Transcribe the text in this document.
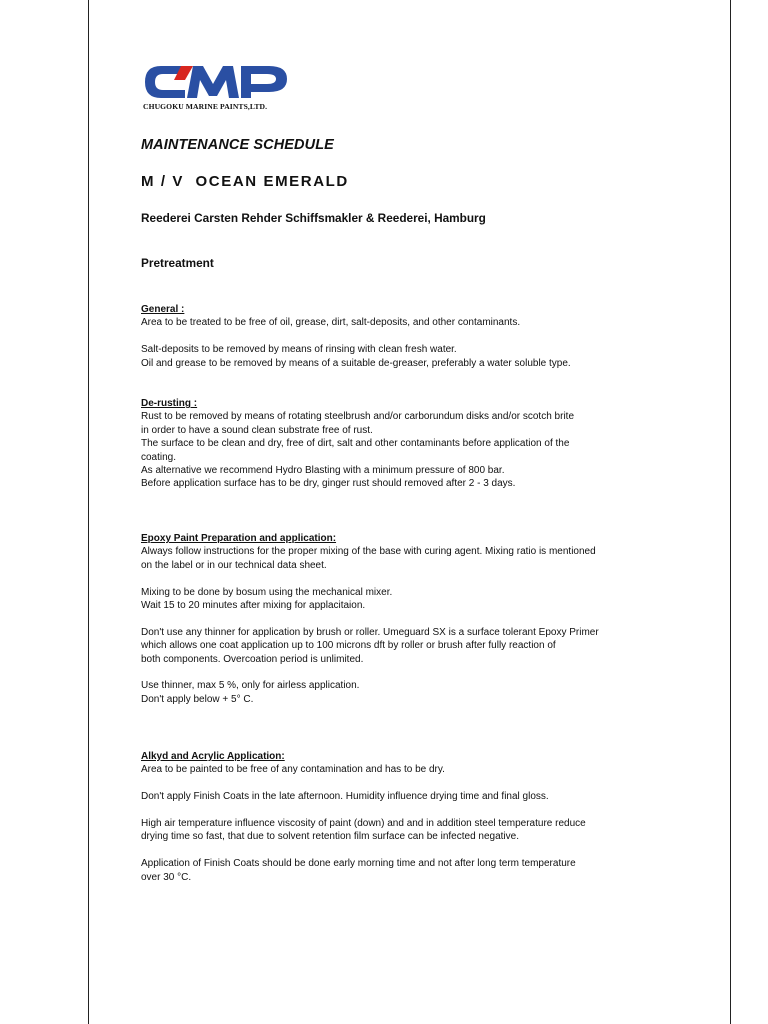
CHUGOKU MARINE PAINTS,LTD.
MAINTENANCE SCHEDULE
M / V  OCEAN EMERALD
Reederei Carsten Rehder Schiffsmakler & Reederei, Hamburg
Pretreatment
General :

Area to be treated to be free of oil, grease, dirt, salt-deposits, and other contaminants.

Salt-deposits to be removed by means of rinsing with clean fresh water.
Oil and grease to be removed by means of a suitable de-greaser, preferably a water soluble type.

De-rusting :

Rust to be removed by means of rotating steelbrush and/or carborundum disks and/or scotch brite
in order to have a sound clean substrate free of rust.
The surface to be clean and dry, free of dirt, salt and other contaminants before application of the
coating.
As alternative we recommend Hydro Blasting with a minimum pressure of 800 bar.
Before application surface has to be dry, ginger rust should removed after 2 - 3 days.

Epoxy Paint Preparation and application:

Always follow instructions for the proper mixing of the base with curing agent. Mixing ratio is mentioned
on the label or in our technical data sheet.

Mixing to be done by bosum using the mechanical mixer.
Wait 15 to 20 minutes after mixing for applacitaion.

Don't use any thinner for application by brush or roller. Umeguard SX is a surface tolerant Epoxy Primer
which allows one coat application up to 100 microns dft by roller or brush after fully reaction of
both components. Overcoation period is unlimited.

Use thinner, max 5 %, only for airless application.
Don't apply below + 5° C.

Alkyd and Acrylic Application:

Area to be painted to be free of any contamination and has to be dry.

Don't apply Finish Coats in the late afternoon. Humidity influence drying time and final gloss.

High air temperature influence viscosity of paint (down) and and in addition steel temperature reduce
drying time so fast, that due to solvent retention film surface can be infected negative.

Application of Finish Coats should be done early morning time and not after long term temperature
over 30 °C.
